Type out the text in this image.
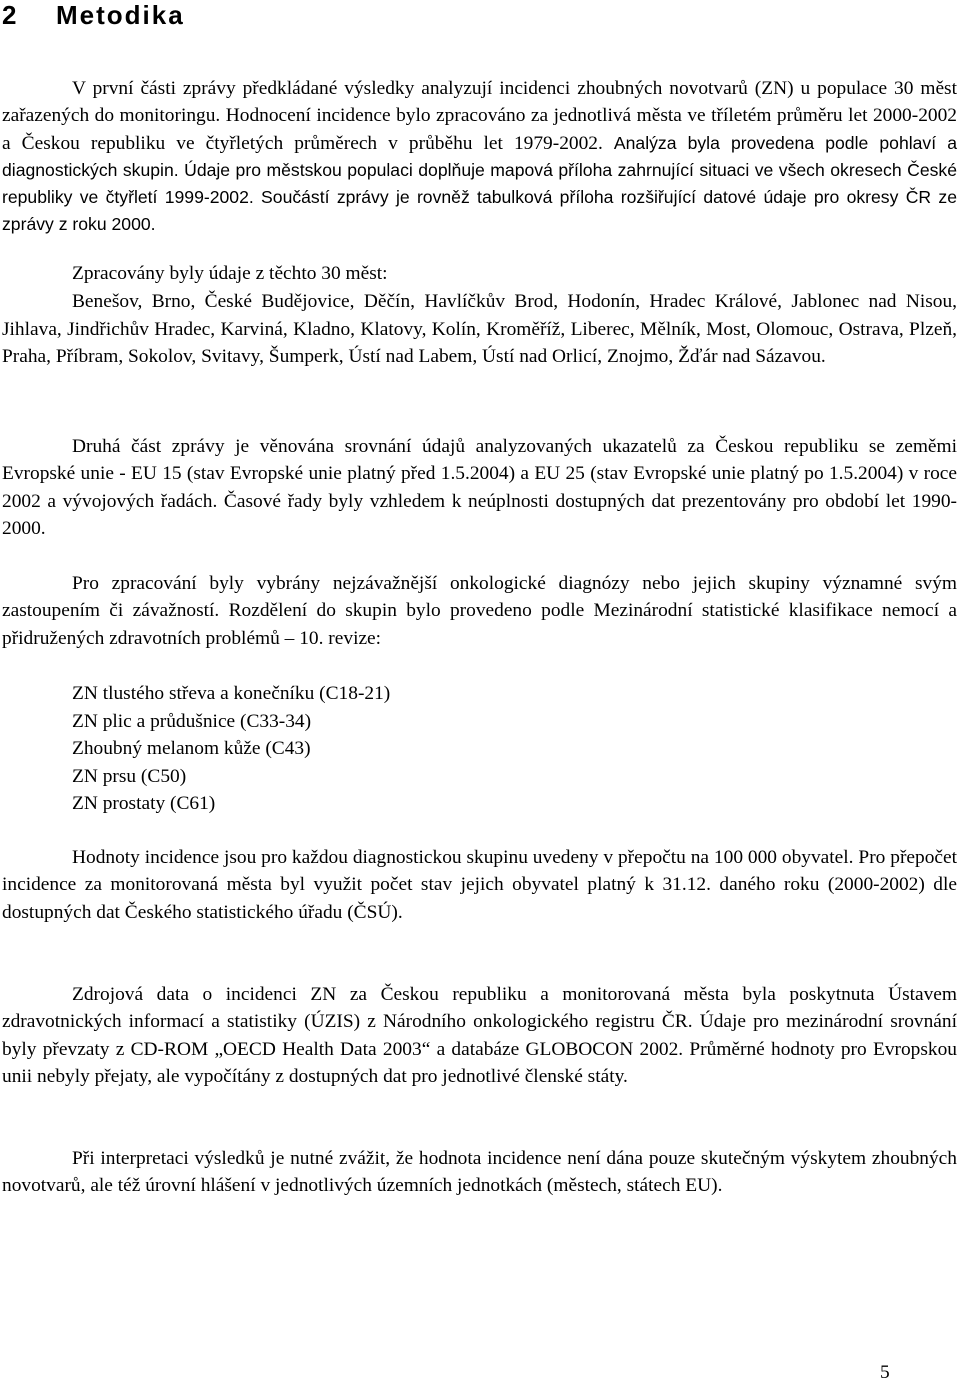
2 Metodika

V první části zprávy předkládané výsledky analyzují incidenci zhoubných novotvarů (ZN) u populace 30 měst zařazených do monitoringu. Hodnocení incidence bylo zpracováno za jednotlivá města ve tříletém průměru let 2000-2002 a Českou republiku ve čtyřletých průměrech v průběhu let 1979-2002. Analýza byla provedena podle pohlaví a diagnostických skupin. Údaje pro městskou populaci doplňuje mapová příloha zahrnující situaci ve všech okresech České republiky ve čtyřletí 1999-2002. Součástí zprávy je rovněž tabulková příloha rozšiřující datové údaje pro okresy ČR ze zprávy z roku 2000.

Zpracovány byly údaje z těchto 30 měst:

Benešov, Brno, České Budějovice, Děčín, Havlíčkův Brod, Hodonín, Hradec Králové, Jablonec nad Nisou, Jihlava, Jindřichův Hradec, Karviná, Kladno, Klatovy, Kolín, Kroměříž, Liberec, Mělník, Most, Olomouc, Ostrava, Plzeň, Praha, Příbram, Sokolov, Svitavy, Šumperk, Ústí nad Labem, Ústí nad Orlicí, Znojmo, Žďár nad Sázavou.

Druhá část zprávy je věnována srovnání údajů analyzovaných ukazatelů za Českou republiku se zeměmi Evropské unie - EU 15 (stav Evropské unie platný před 1.5.2004) a EU 25 (stav Evropské unie platný po 1.5.2004) v roce 2002 a vývojových řadách. Časové řady byly vzhledem k neúplnosti dostupných dat prezentovány pro období let 1990-2000.

Pro zpracování byly vybrány nejzávažnější onkologické diagnózy nebo jejich skupiny významné svým zastoupením či závažností. Rozdělení do skupin bylo provedeno podle Mezinárodní statistické klasifikace nemocí a přidružených zdravotních problémů – 10. revize:

ZN tlustého střeva a konečníku (C18-21)
ZN plic a průdušnice (C33-34)
Zhoubný melanom kůže (C43)
ZN prsu (C50)
ZN prostaty (C61)

Hodnoty incidence jsou pro každou diagnostickou skupinu uvedeny v přepočtu na 100 000 obyvatel. Pro přepočet incidence za monitorovaná města byl využit počet stav jejich obyvatel platný k 31.12. daného roku (2000-2002) dle dostupných dat Českého statistického úřadu (ČSÚ).

Zdrojová data o incidenci ZN za Českou republiku a monitorovaná města byla poskytnuta Ústavem zdravotnických informací a statistiky (ÚZIS) z Národního onkologického registru ČR. Údaje pro mezinárodní srovnání byly převzaty z CD-ROM „OECD Health Data 2003“ a databáze GLOBOCON 2002. Průměrné hodnoty pro Evropskou unii nebyly přejaty, ale vypočítány z dostupných dat pro jednotlivé členské státy.

Při interpretaci výsledků je nutné zvážit, že hodnota incidence není dána pouze skutečným výskytem zhoubných novotvarů, ale též úrovní hlášení v jednotlivých územních jednotkách (městech, státech EU).

5
